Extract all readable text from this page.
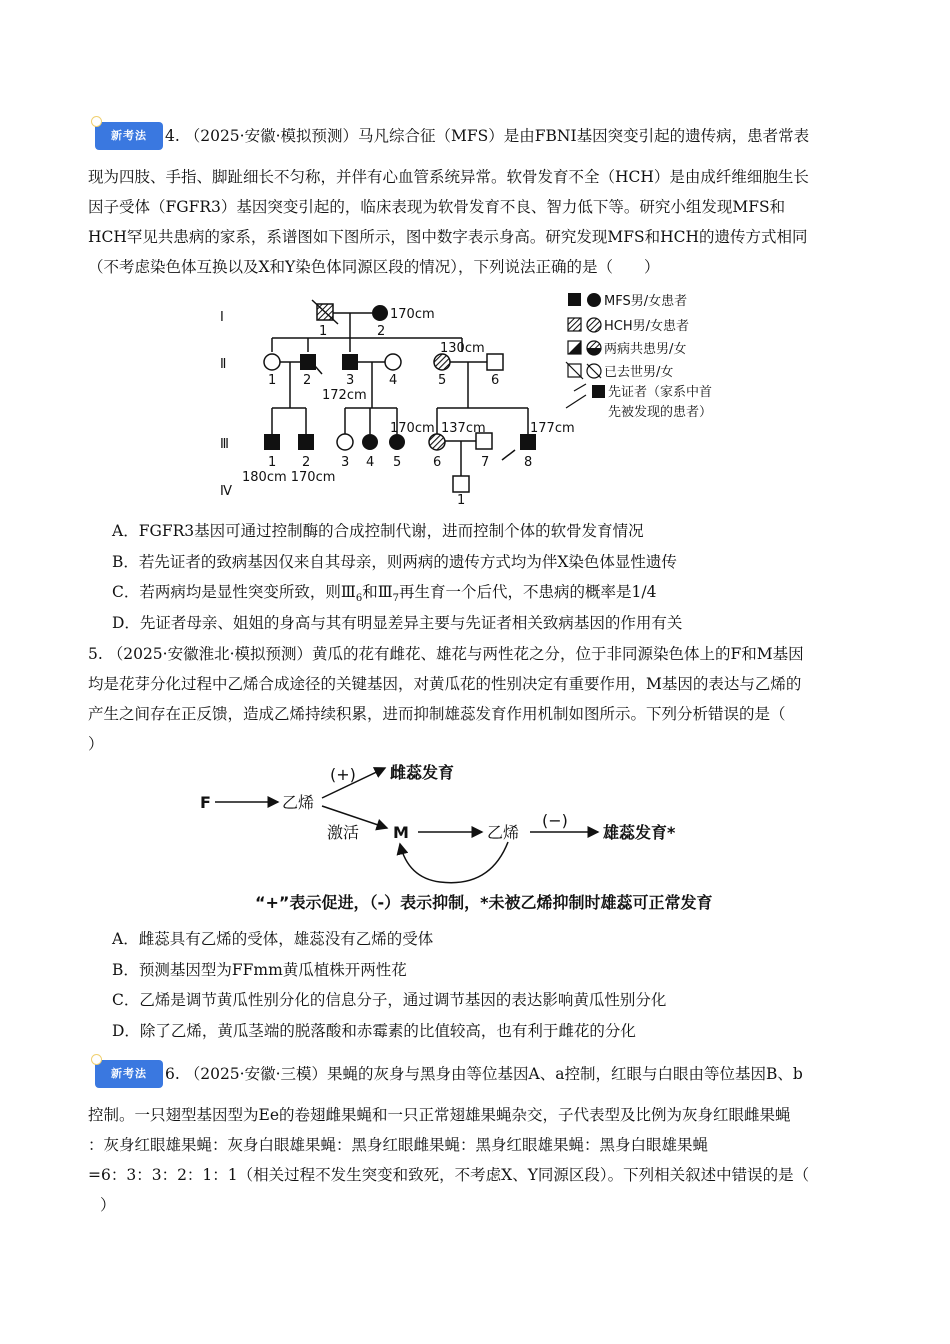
新考法	4. （2025·安徽·模拟预测）马凡综合征（MFS）是由FBNI基因突变引起的遗传病，患者常表
现为四肢、手指、脚趾细长不匀称，并伴有心血管系统异常。软骨发育不全（HCH）是由成纤维细胞生长
因子受体（FGFR3）基因突变引起的，临床表现为软骨发育不良、智力低下等。研究小组发现MFS和
HCH罕见共患病的家系，系谱图如下图所示，图中数字表示身高。研究发现MFS和HCH的遗传方式相同
（不考虑染色体互换以及X和Y染色体同源区段的情况），下列说法正确的是（　　）
Ⅰ
Ⅱ
Ⅲ
Ⅳ
1	2
1 2	3	4	5	6
1 2 3 4 5 6	7	8
1
170cm
130cm
172cm
170cm 137cm	177cm
180cm 170cm
MFS男/女患者
HCH男/女患者
两病共患男/女
已去世男/女
先证者（家系中首
先被发现的患者）
A．FGFR3基因可通过控制酶的合成控制代谢，进而控制个体的软骨发育情况
B．若先证者的致病基因仅来自其母亲，则两病的遗传方式均为伴X染色体显性遗传
C．若两病均是显性突变所致，则$Ⅲ_6$和$Ⅲ_7$再生育一个后代，不患病的概率是1/4
D．先证者母亲、姐姐的身高与其有明显差异主要与先证者相关致病基因的作用有关
5. （2025·安徽淮北·模拟预测）黄瓜的花有雌花、雄花与两性花之分，位于非同源染色体上的F和M基因
均是花芽分化过程中乙烯合成途径的关键基因，对黄瓜花的性别决定有重要作用，M基因的表达与乙烯的
产生之间存在正反馈，造成乙烯持续积累，进而抑制雄蕊发育作用机制如图所示。下列分析错误的是（
）
F	乙烯
(+) 雌蕊发育
激活 M	乙烯
(−)
雄蕊发育*
“+”表示促进，（-）表示抑制，*未被乙烯抑制时雄蕊可正常发育
A．雌蕊具有乙烯的受体，雄蕊没有乙烯的受体
B．预测基因型为FFmm黄瓜植株开两性花
C．乙烯是调节黄瓜性别分化的信息分子，通过调节基因的表达影响黄瓜性别分化
D．除了乙烯，黄瓜茎端的脱落酸和赤霉素的比值较高，也有利于雌花的分化
新考法	6. （2025·安徽·三模）果蝇的灰身与黑身由等位基因A、a控制，红眼与白眼由等位基因B、b
控制。一只翅型基因型为Ee的卷翅雌果蝇和一只正常翅雄果蝇杂交，子代表型及比例为灰身红眼雌果蝇
：灰身红眼雄果蝇：灰身白眼雄果蝇：黑身红眼雌果蝇：黑身红眼雄果蝇：黑身白眼雄果蝇
=6：3：3：2：1：1（相关过程不发生突变和致死，不考虑X、Y同源区段）。下列相关叙述中错误的是（
）
